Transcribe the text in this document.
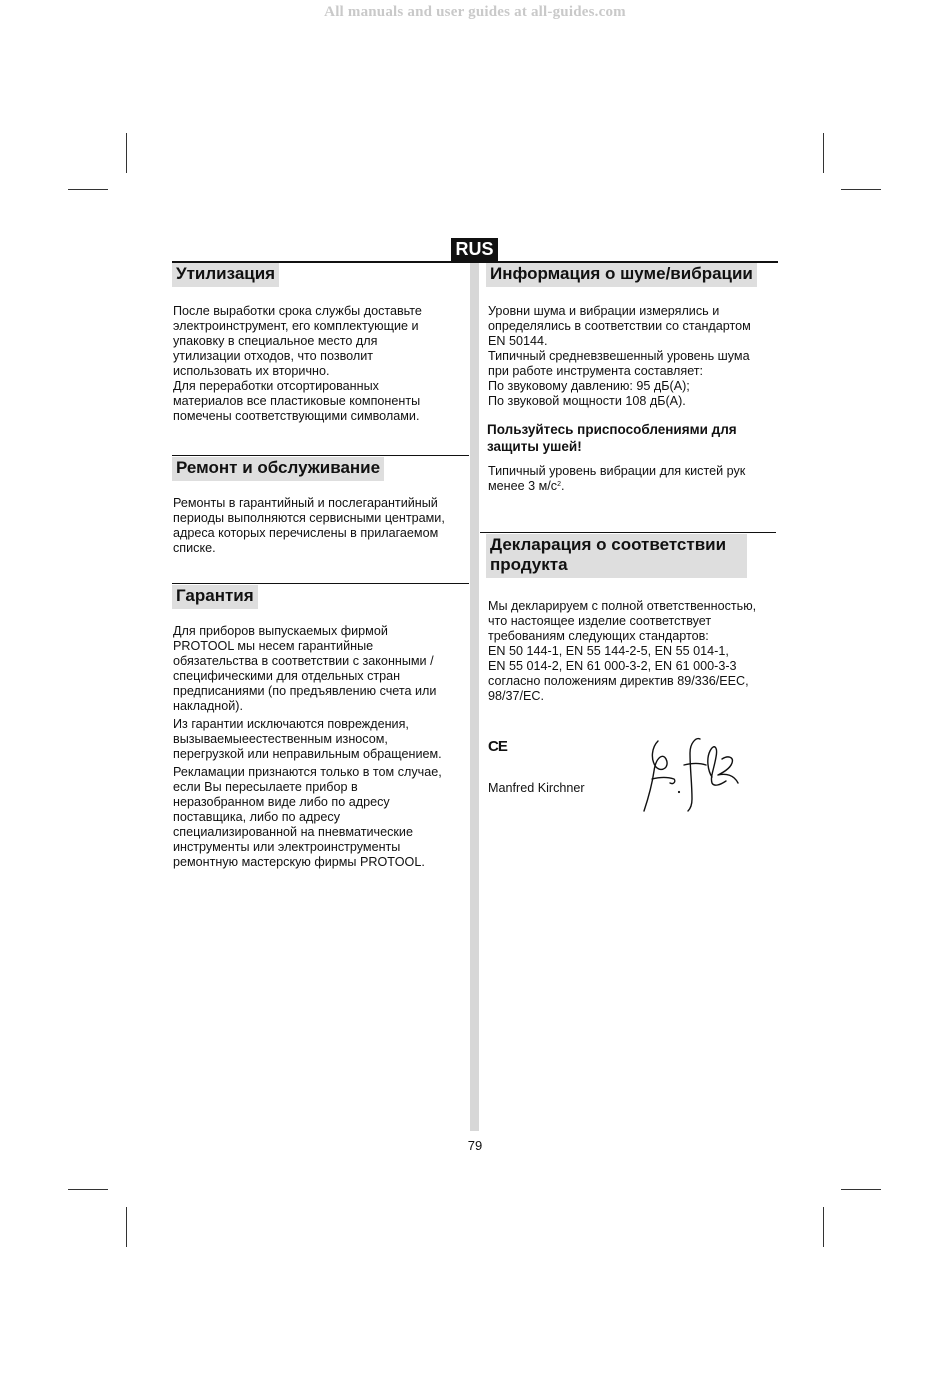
All manuals and user guides at all-guides.com
RUS
Утилизация
После выработки срока службы доставьте
электроинструмент, его комплектующие и
упаковку в специальное место для
утилизации отходов, что позволит
использовать их вторично.
Для переработки отсортированных
материалов все пластиковые компоненты
помечены соответствующими символами.
Ремонт и обслуживание
Ремонты в гарантийный и послегарантийный
периоды выполняются сервисными центрами,
адреса которых перечислены в прилагаемом
списке.
Гарантия

Для приборов выпускаемых фирмой
PROTOOL мы несем гарантийные
обязательства в соответствии с законными /
специфическими для отдельных стран
предписаниями (по предъявлению счета или
накладной).

Из гарантии исключаются повреждения,
вызываемыеестественным износом,
перегрузкой или неправильным обращением.

Рекламации признаются только в том случае,
если Вы пересылаете прибор в
неразобранном виде либо по адресу
поставщика, либо по адресу
специализированной на пневматические
инструменты или электроинструменты
ремонтную мастерскую фирмы PROTOOL.

Информация о шуме/вибрации
Уровни шума и вибрации измерялись и
определялись в соответствии со стандартом
EN 50144.
Типичный средневзвешенный уровень шума
при работе инструмента составляет:
По звуковому давлению: 95 дБ(A);
По звуковой мощности 108 дБ(A).
Пользуйтесь приспособлениями для
защиты ушей!
Типичный уровень вибрации для кистей рук
менее 3 $м/с^2$.
Декларация о соответствии
продукта
Мы декларируем с полной ответственностью,
что настоящее изделие соответствует
требованиям следующих стандартов:
EN 50 144-1, EN 55 144-2-5, EN 55 014-1,
EN 55 014-2, EN 61 000-3-2, EN 61 000-3-3
согласно положениям директив 89/336/EEC,
98/37/EC.
CE
Manfred Kirchner
79
